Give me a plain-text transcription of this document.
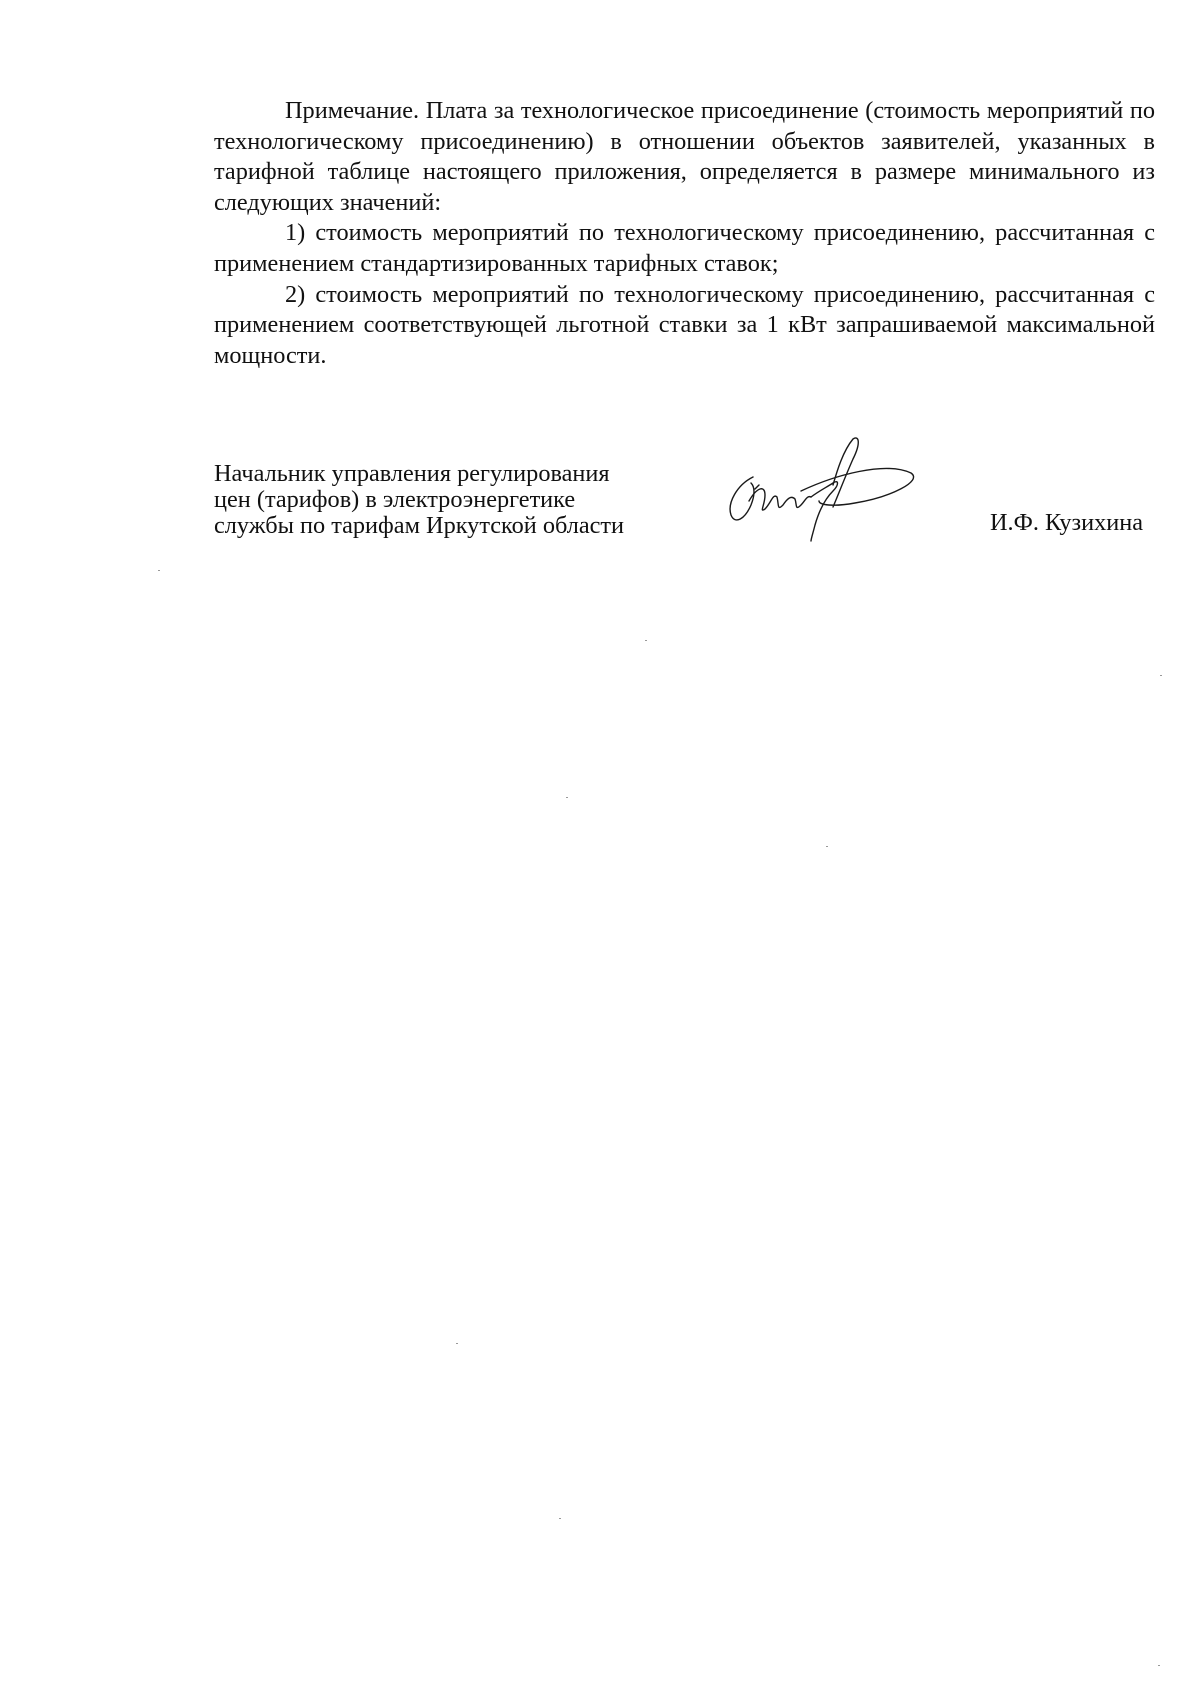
Примечание. Плата за технологическое присоединение (стоимость мероприятий по технологическому присоединению) в отношении объектов заявителей, указанных в тарифной таблице настоящего приложения, определяется в размере минимального из следующих значений:

1) стоимость мероприятий по технологическому присоединению, рассчитанная с применением стандартизированных тарифных ставок;

2) стоимость мероприятий по технологическому присоединению, рассчитанная с применением соответствующей льготной ставки за 1 кВт запрашиваемой максимальной мощности.

Начальник управления регулирования
цен (тарифов) в электроэнергетике
службы по тарифам Иркутской области	И.Ф. Кузихина
